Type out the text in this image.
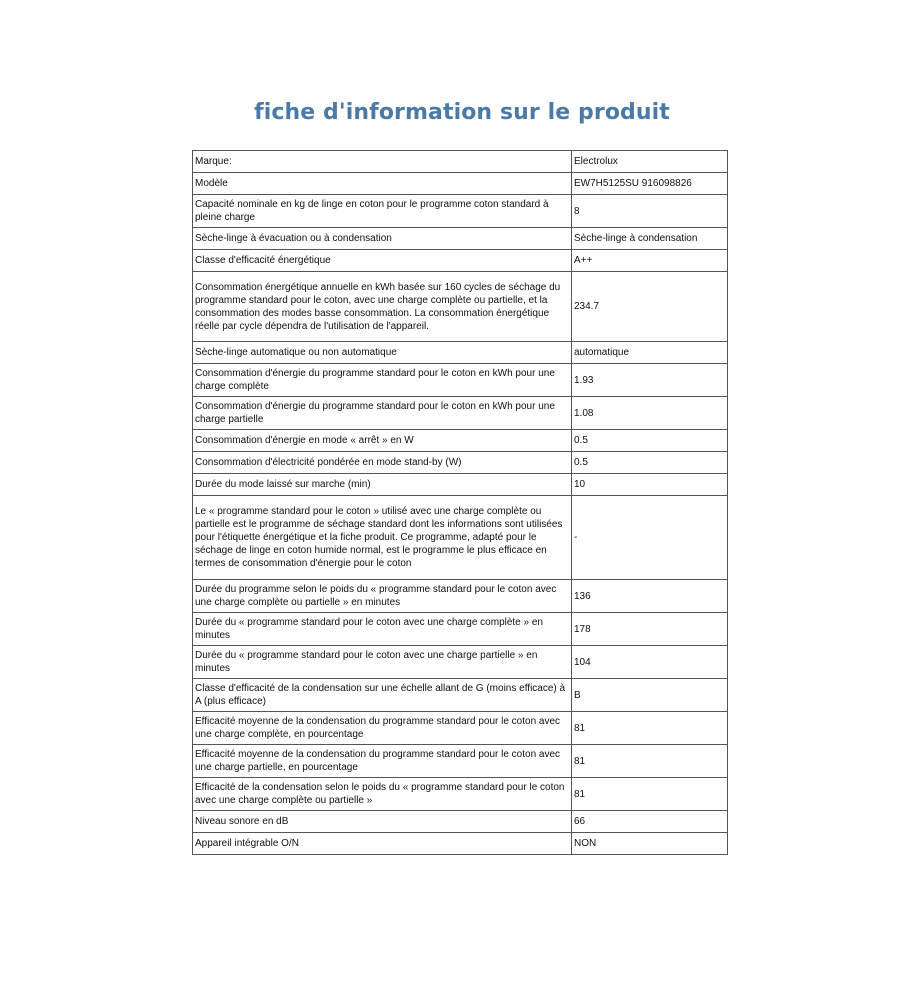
fiche d'information sur le produit
Marque:	Electrolux
Modèle	EW7H5125SU 916098826
Capacité nominale en kg de linge en coton pour le programme coton standard à pleine charge	8
Sèche-linge à évacuation ou à condensation	Sèche-linge à condensation
Classe d'efficacité énergétique	A++
Consommation énergétique annuelle en kWh basée sur 160 cycles de séchage du programme standard pour le coton, avec une charge complète ou partielle, et la consommation des modes basse consommation. La consommation énergétique réelle par cycle dépendra de l'utilisation de l'appareil.	234.7
Sèche-linge automatique ou non automatique	automatique
Consommation d'énergie du programme standard pour le coton en kWh pour une charge complète	1.93
Consommation d'énergie du programme standard pour le coton en kWh pour une charge partielle	1.08
Consommation d'énergie en mode « arrêt » en W	0.5
Consommation d'électricité pondérée en mode stand-by (W)	0.5
Durée du mode laissé sur marche (min)	10
Le « programme standard pour le coton » utilisé avec une charge complète ou partielle est le programme de séchage standard dont les informations sont utilisées pour l'étiquette énergétique et la fiche produit. Ce programme, adapté pour le séchage de linge en coton humide normal, est le programme le plus efficace en termes de consommation d'énergie pour le coton	-
Durée du programme selon le poids du « programme standard pour le coton avec une charge complète ou partielle » en minutes	136
Durée du « programme standard pour le coton avec une charge complète » en minutes	178
Durée du « programme standard pour le coton avec une charge partielle » en minutes	104
Classe d'efficacité de la condensation sur une échelle allant de G (moins efficace) à A (plus efficace)	B
Efficacité moyenne de la condensation du programme standard pour le coton avec une charge complète, en pourcentage	81
Efficacité moyenne de la condensation du programme standard pour le coton avec une charge partielle, en pourcentage	81
Efficacité de la condensation selon le poids du « programme standard pour le coton avec une charge complète ou partielle »	81
Niveau sonore en dB	66
Appareil intégrable O/N	NON
